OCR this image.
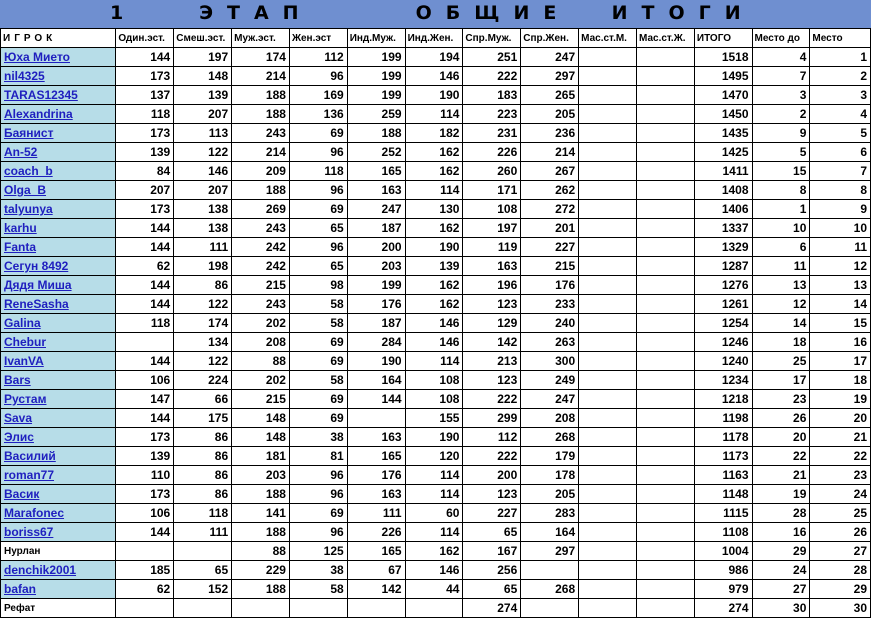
1   ЭТАП     ОБЩИЕ  ИТОГИ
ИГРОК	Один.эст.	Смеш.эст.	Муж.эст.	Жен.эст	Инд.Муж.	Инд.Жен.	Спр.Муж.	Спр.Жен.	Мас.ст.М.	Мас.ст.Ж.	ИТОГО	Место до	Место
Юха Мието	144	197	174	112	199	194	251	247			1518	4	1
nil4325	173	148	214	96	199	146	222	297			1495	7	2
TARAS12345	137	139	188	169	199	190	183	265			1470	3	3
Alexandrina	118	207	188	136	259	114	223	205			1450	2	4
Баянист	173	113	243	69	188	182	231	236			1435	9	5
An-52	139	122	214	96	252	162	226	214			1425	5	6
coach_b	84	146	209	118	165	162	260	267			1411	15	7
Olga_B	207	207	188	96	163	114	171	262			1408	8	8
talyunya	173	138	269	69	247	130	108	272			1406	1	9
karhu	144	138	243	65	187	162	197	201			1337	10	10
Fanta	144	111	242	96	200	190	119	227			1329	6	11
Сегун 8492	62	198	242	65	203	139	163	215			1287	11	12
Дядя Миша	144	86	215	98	199	162	196	176			1276	13	13
ReneSasha	144	122	243	58	176	162	123	233			1261	12	14
Galina	118	174	202	58	187	146	129	240			1254	14	15
Chebur		134	208	69	284	146	142	263			1246	18	16
IvanVA	144	122	88	69	190	114	213	300			1240	25	17
Bars	106	224	202	58	164	108	123	249			1234	17	18
Рустам	147	66	215	69	144	108	222	247			1218	23	19
Sava	144	175	148	69		155	299	208			1198	26	20
Элис	173	86	148	38	163	190	112	268			1178	20	21
Василий	139	86	181	81	165	120	222	179			1173	22	22
roman77	110	86	203	96	176	114	200	178			1163	21	23
Васик	173	86	188	96	163	114	123	205			1148	19	24
Marafonec	106	118	141	69	111	60	227	283			1115	28	25
boriss67	144	111	188	96	226	114	65	164			1108	16	26
Нурлан			88	125	165	162	167	297			1004	29	27
denchik2001	185	65	229	38	67	146	256				986	24	28
bafan	62	152	188	58	142	44	65	268			979	27	29
Рефат							274				274	30	30
